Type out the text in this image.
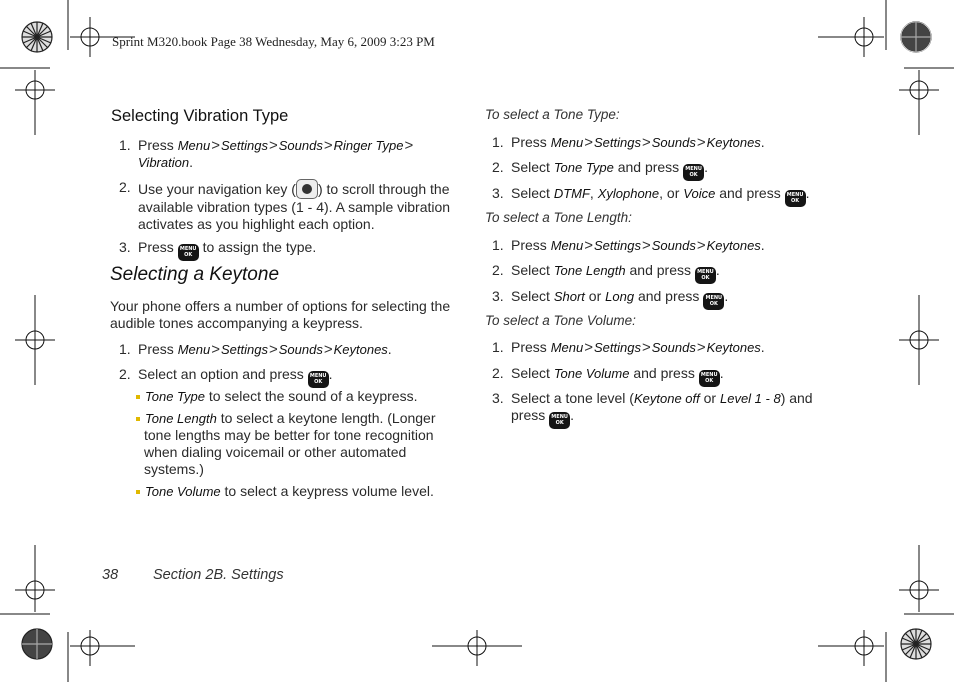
Sprint M320.book Page 38 Wednesday, May 6, 2009 3:23 PM
Selecting Vibration Type
1. Press Menu>Settings>Sounds>Ringer Type>
Vibration.
2. Use your navigation key ( ) to scroll through the
available vibration types (1 - 4). A sample vibration
activates as you highlight each option.
3. Press MENU
OK to assign the type.
Selecting a Keytone
Your phone offers a number of options for selecting the
audible tones accompanying a keypress.
1. Press Menu>Settings>Sounds>Keytones.
2. Select an option and press MENU
OK .
Tone Type to select the sound of a keypress.
Tone Length to select a keytone length. (Longer
tone lengths may be better for tone recognition
when dialing voicemail or other automated
systems.)
Tone Volume to select a keypress volume level.
To select a Tone Type:
1. Press Menu>Settings>Sounds>Keytones.
2. Select Tone Type and press MENU
OK .
3. Select DTMF, Xylophone, or Voice and press MENU
OK .
To select a Tone Length:
1. Press Menu>Settings>Sounds>Keytones.
2. Select Tone Length and press MENU
OK .
3. Select Short or Long and press MENU
OK .
To select a Tone Volume:
1. Press Menu>Settings>Sounds>Keytones.
2. Select Tone Volume and press MENU
OK .
3. Select a tone level (Keytone off or Level 1 - 8) and
press MENU
OK .
38 Section 2B. Settings
